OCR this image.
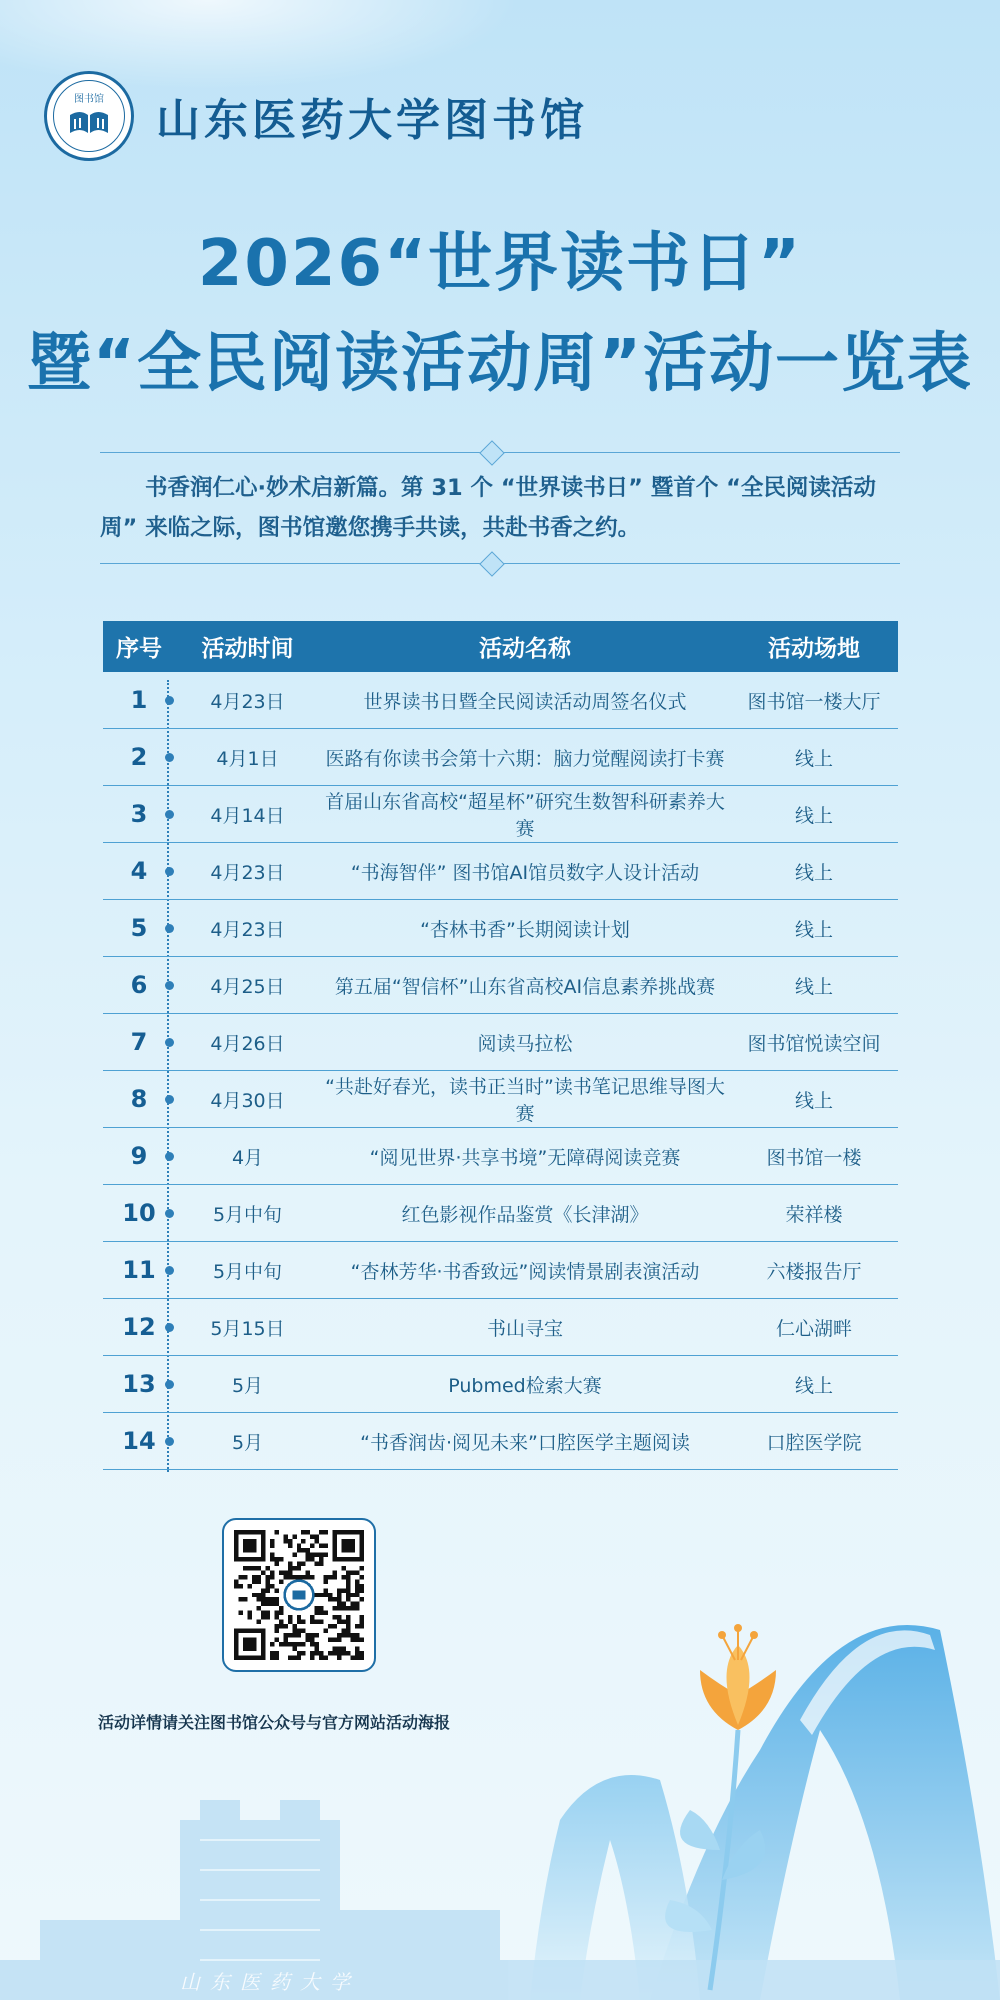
图书馆	山东医药大学图书馆
2026“世界读书日”
暨“全民阅读活动周”活动一览表
书香润仁心·妙术启新篇。第 31 个 “世界读书日” 暨首个 “全民阅读活动周” 来临之际，图书馆邀您携手共读，共赴书香之约。
序号	活动时间	活动名称	活动场地
1	4月23日	世界读书日暨全民阅读活动周签名仪式	图书馆一楼大厅
2	4月1日	医路有你读书会第十六期：脑力觉醒阅读打卡赛	线上
3	4月14日	首届山东省高校“超星杯”研究生数智科研素养大赛	线上
4	4月23日	“书海智伴” 图书馆AI馆员数字人设计活动	线上
5	4月23日	“杏林书香”长期阅读计划	线上
6	4月25日	第五届“智信杯”山东省高校AI信息素养挑战赛	线上
7	4月26日	阅读马拉松	图书馆悦读空间
8	4月30日	“共赴好春光，读书正当时”读书笔记思维导图大赛	线上
9	4月	“阅见世界·共享书境”无障碍阅读竞赛	图书馆一楼
10	5月中旬	红色影视作品鉴赏《长津湖》	荣祥楼
11	5月中旬	“杏林芳华·书香致远”阅读情景剧表演活动	六楼报告厅
12	5月15日	书山寻宝	仁心湖畔
13	5月	Pubmed检索大赛	线上
14	5月	“书香润齿·阅见未来”口腔医学主题阅读	口腔医学院
活动详情请关注图书馆公众号与官方网站活动海报
山东医药大学
